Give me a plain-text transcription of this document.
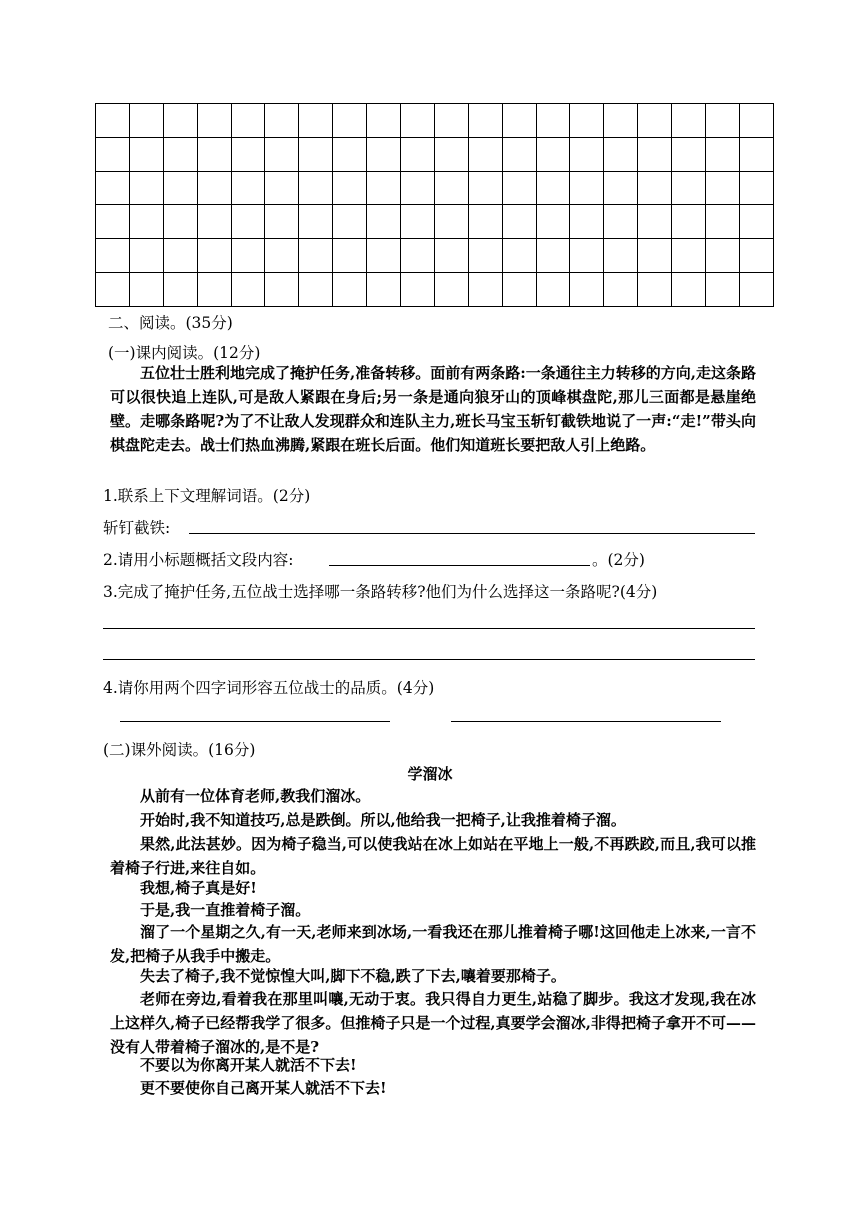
二、阅读。(35分)
(一)课内阅读。(12分)
五位壮士胜利地完成了掩护任务,准备转移。面前有两条路:一条通往主力转移的方向,走这条路可以很快追上连队,可是敌人紧跟在身后;另一条是通向狼牙山的顶峰棋盘陀,那儿三面都是悬崖绝壁。走哪条路呢?为了不让敌人发现群众和连队主力,班长马宝玉斩钉截铁地说了一声:“走!”带头向棋盘陀走去。战士们热血沸腾,紧跟在班长后面。他们知道班长要把敌人引上绝路。
1.联系上下文理解词语。(2分)
斩钉截铁:
2.请用小标题概括文段内容:	。(2分)
3.完成了掩护任务,五位战士选择哪一条路转移?他们为什么选择这一条路呢?(4分)
4.请你用两个四字词形容五位战士的品质。(4分)
(二)课外阅读。(16分)
学溜冰
从前有一位体育老师,教我们溜冰。
开始时,我不知道技巧,总是跌倒。所以,他给我一把椅子,让我推着椅子溜。
果然,此法甚妙。因为椅子稳当,可以使我站在冰上如站在平地上一般,不再跌跤,而且,我可以推着椅子行进,来往自如。
我想,椅子真是好!
于是,我一直推着椅子溜。
溜了一个星期之久,有一天,老师来到冰场,一看我还在那儿推着椅子哪!这回他走上冰来,一言不发,把椅子从我手中搬走。
失去了椅子,我不觉惊惶大叫,脚下不稳,跌了下去,嚷着要那椅子。
老师在旁边,看着我在那里叫嚷,无动于衷。我只得自力更生,站稳了脚步。我这才发现,我在冰上这样久,椅子已经帮我学了很多。但推椅子只是一个过程,真要学会溜冰,非得把椅子拿开不可——没有人带着椅子溜冰的,是不是?
不要以为你离开某人就活不下去!
更不要使你自己离开某人就活不下去!
